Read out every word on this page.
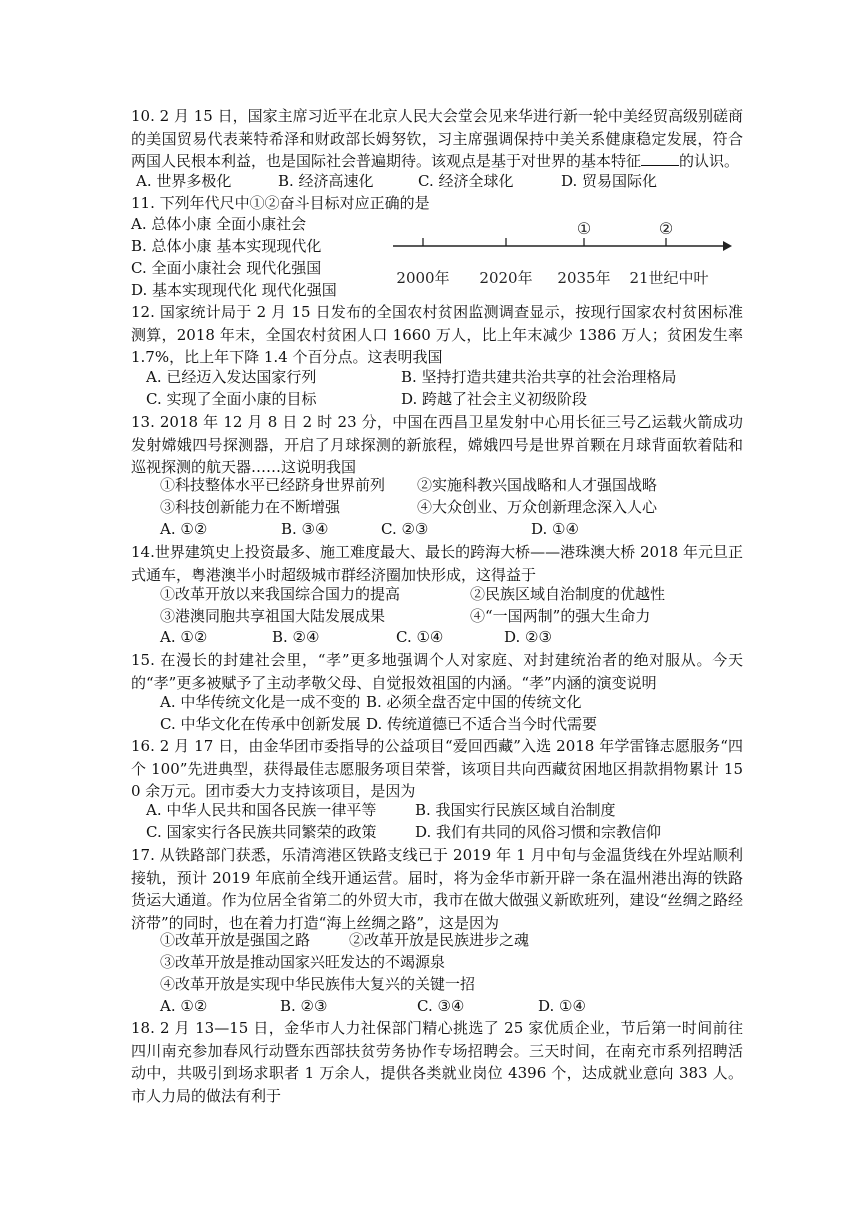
10. 2 月 15 日，国家主席习近平在北京人民大会堂会见来华进行新一轮中美经贸高级别磋商的美国贸易代表莱特希泽和财政部长姆努钦，习主席强调保持中美关系健康稳定发展，符合两国人民根本利益，也是国际社会普遍期待。该观点是基于对世界的基本特征	的认识。
A. 世界多极化	B. 经济高速化	C. 经济全球化	D. 贸易国际化
11. 下列年代尺中①②奋斗目标对应正确的是
A. 总体小康 全面小康社会
B. 总体小康 基本实现现代化
C. 全面小康社会 现代化强国
D. 基本实现现代化 现代化强国
①	②
2000年 2020年 2035年 21世纪中叶
12. 国家统计局于 2 月 15 日发布的全国农村贫困监测调查显示，按现行国家农村贫困标准测算，2018 年末，全国农村贫困人口 1660 万人，比上年末减少 1386 万人；贫困发生率 1.7%，比上年下降 1.4 个百分点。这表明我国
A. 已经迈入发达国家行列	B. 坚持打造共建共治共享的社会治理格局
C. 实现了全面小康的目标	D. 跨越了社会主义初级阶段
13. 2018 年 12 月 8 日 2 时 23 分，中国在西昌卫星发射中心用长征三号乙运载火箭成功发射嫦娥四号探测器，开启了月球探测的新旅程，嫦娥四号是世界首颗在月球背面软着陆和巡视探测的航天器……这说明我国
①科技整体水平已经跻身世界前列 ②实施科教兴国战略和人才强国战略
③科技创新能力在不断增强	④大众创业、万众创新理念深入人心
A. ①②	B. ③④	C. ②③	D. ①④
14.世界建筑史上投资最多、施工难度最大、最长的跨海大桥——港珠澳大桥 2018 年元旦正式通车，粤港澳半小时超级城市群经济圈加快形成，这得益于
①改革开放以来我国综合国力的提高	②民族区域自治制度的优越性
③港澳同胞共享祖国大陆发展成果	④“一国两制”的强大生命力
A. ①②	B. ②④	C. ①④	D. ②③
15. 在漫长的封建社会里，“孝”更多地强调个人对家庭、对封建统治者的绝对服从。今天的“孝”更多被赋予了主动孝敬父母、自觉报效祖国的内涵。“孝”内涵的演变说明
A. 中华传统文化是一成不变的 B. 必须全盘否定中国的传统文化
C. 中华文化在传承中创新发展 D. 传统道德已不适合当今时代需要
16. 2 月 17 日，由金华团市委指导的公益项目“爱回西藏”入选 2018 年学雷锋志愿服务“四个 100”先进典型，获得最佳志愿服务项目荣誉，该项目共向西藏贫困地区捐款捐物累计 150 余万元。团市委大力支持该项目，是因为
A. 中华人民共和国各民族一律平等	B. 我国实行民族区域自治制度
C. 国家实行各民族共同繁荣的政策	D. 我们有共同的风俗习惯和宗教信仰
17. 从铁路部门获悉，乐清湾港区铁路支线已于 2019 年 1 月中旬与金温货线在外埕站顺利接轨，预计 2019 年底前全线开通运营。届时，将为金华市新开辟一条在温州港出海的铁路货运大通道。作为位居全省第二的外贸大市，我市在做大做强义新欧班列，建设“丝绸之路经济带”的同时，也在着力打造“海上丝绸之路”，这是因为
①改革开放是强国之路	②改革开放是民族进步之魂
③改革开放是推动国家兴旺发达的不竭源泉
④改革开放是实现中华民族伟大复兴的关键一招
A. ①②	B. ②③	C. ③④	D. ①④
18. 2 月 13—15 日，金华市人力社保部门精心挑选了 25 家优质企业，节后第一时间前往四川南充参加春风行动暨东西部扶贫劳务协作专场招聘会。三天时间，在南充市系列招聘活动中，共吸引到场求职者 1 万余人，提供各类就业岗位 4396 个，达成就业意向 383 人。市人力局的做法有利于
